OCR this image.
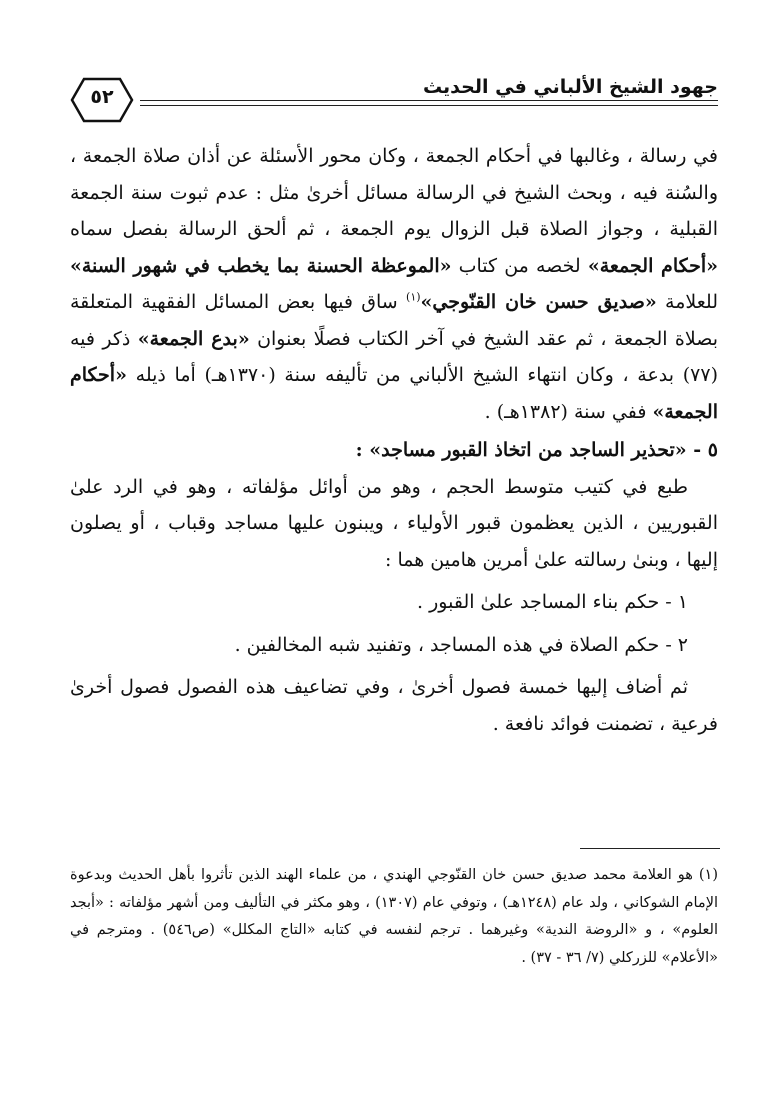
٥٢	جهود الشيخ الألباني في الحديث

في رسالة ، وغالبها في أحكام الجمعة ، وكان محور الأسئلة عن أذان صلاة الجمعة ، والسُنة فيه ، وبحث الشيخ في الرسالة مسائل أخرىٰ مثل : عدم ثبوت سنة الجمعة القبلية ، وجواز الصلاة قبل الزوال يوم الجمعة ، ثم ألحق الرسالة بفصل سماه «أحكام الجمعة» لخصه من كتاب «الموعظة الحسنة بما يخطب في شهور السنة» للعلامة «صديق حسن خان القنّوجي»$^{(١)}$ ساق فيها بعض المسائل الفقهية المتعلقة بصلاة الجمعة ، ثم عقد الشيخ في آخر الكتاب فصلًا بعنوان «بدع الجمعة» ذكر فيه (٧٧) بدعة ، وكان انتهاء الشيخ الألباني من تأليفه سنة (١٣٧٠هـ) أما ذيله «أحكام الجمعة» ففي سنة (١٣٨٢هـ) .

٥ - «تحذير الساجد من اتخاذ القبور مساجد» :

طبع في كتيب متوسط الحجم ، وهو من أوائل مؤلفاته ، وهو في الرد علىٰ القبوريين ، الذين يعظمون قبور الأولياء ، ويبنون عليها مساجد وقباب ، أو يصلون إليها ، وبنىٰ رسالته علىٰ أمرين هامين هما :

١ - حكم بناء المساجد علىٰ القبور .

٢ - حكم الصلاة في هذه المساجد ، وتفنيد شبه المخالفين .

ثم أضاف إليها خمسة فصول أخرىٰ ، وفي تضاعيف هذه الفصول فصول أخرىٰ فرعية ، تضمنت فوائد نافعة .

(١) هو العلامة محمد صديق حسن خان القنّوجي الهندي ، من علماء الهند الذين تأثروا بأهل الحديث وبدعوة الإمام الشوكاني ، ولد عام (١٢٤٨هـ) ، وتوفي عام (١٣٠٧) ، وهو مكثر في التأليف ومن أشهر مؤلفاته : «أبجد العلوم» ، و «الروضة الندية» وغيرهما . ترجم لنفسه في كتابه «التاج المكلل» (ص٥٤٦) . ومترجم في «الأعلام» للزركلي (٧/ ٣٦ - ٣٧) .
